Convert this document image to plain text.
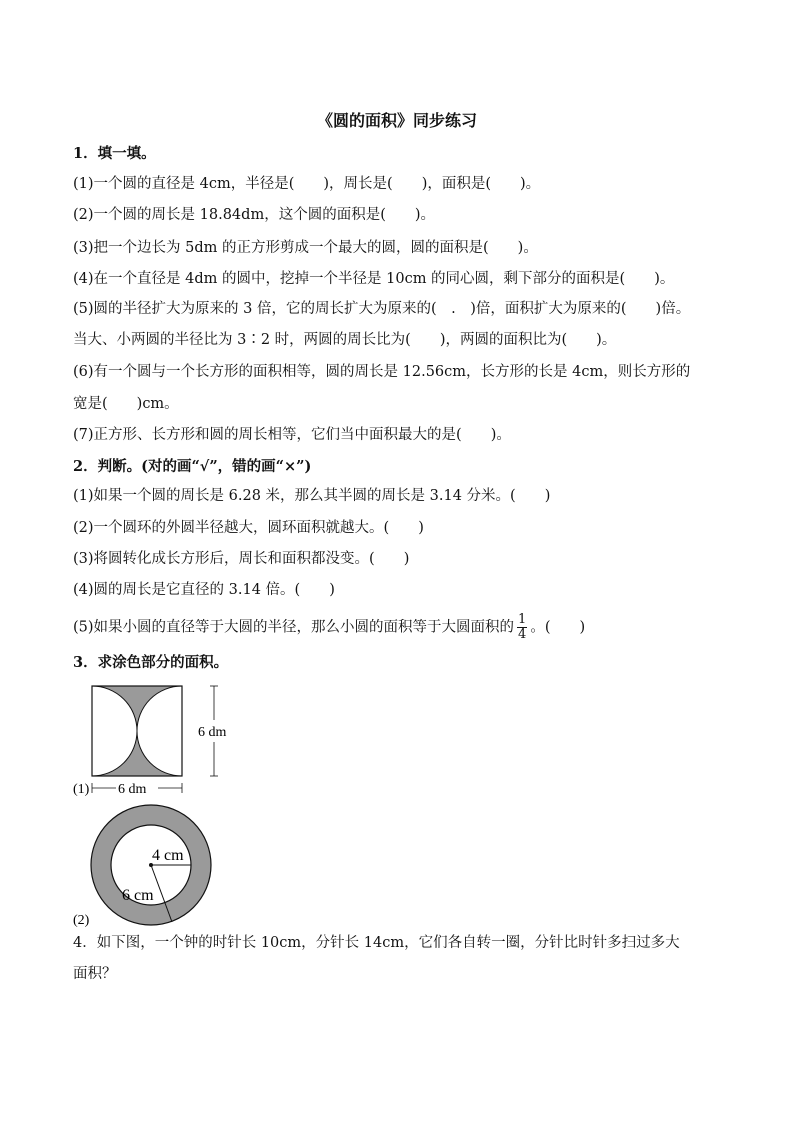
《圆的面积》同步练习
1．填一填。
(1)一个圆的直径是 4cm，半径是(　　)，周长是(　　)，面积是(　　)。
(2)一个圆的周长是 18.84dm，这个圆的面积是(　　)。
(3)把一个边长为 5dm 的正方形剪成一个最大的圆，圆的面积是(　　)。
(4)在一个直径是 4dm 的圆中，挖掉一个半径是 10cm 的同心圆，剩下部分的面积是(　　)。
(5)圆的半径扩大为原来的 3 倍，它的周长扩大为原来的(　.　)倍，面积扩大为原来的(　　)倍。
当大、小两圆的半径比为 3∶2 时，两圆的周长比为(　　)，两圆的面积比为(　　)。
(6)有一个圆与一个长方形的面积相等，圆的周长是 12.56cm，长方形的长是 4cm，则长方形的
宽是(　　)cm。
(7)正方形、长方形和圆的周长相等，它们当中面积最大的是(　　)。
2．判断。(对的画“√”，错的画“×”)
(1)如果一个圆的周长是 6.28 米，那么其半圆的周长是 3.14 分米。(　　)
(2)一个圆环的外圆半径越大，圆环面积就越大。(　　)
(3)将圆转化成长方形后，周长和面积都没变。(　　)
(4)圆的周长是它直径的 3.14 倍。(　　)
(5)如果小圆的直径等于大圆的半径，那么小圆的面积等于大圆面积的 $\frac{1}{4}$ 。(　　)
3．求涂色部分的面积。
6 dm
6 dm
(1)
4 cm
6 cm
(2)
4．如下图，一个钟的时针长 10cm，分针长 14cm，它们各自转一圈，分针比时针多扫过多大
面积？
